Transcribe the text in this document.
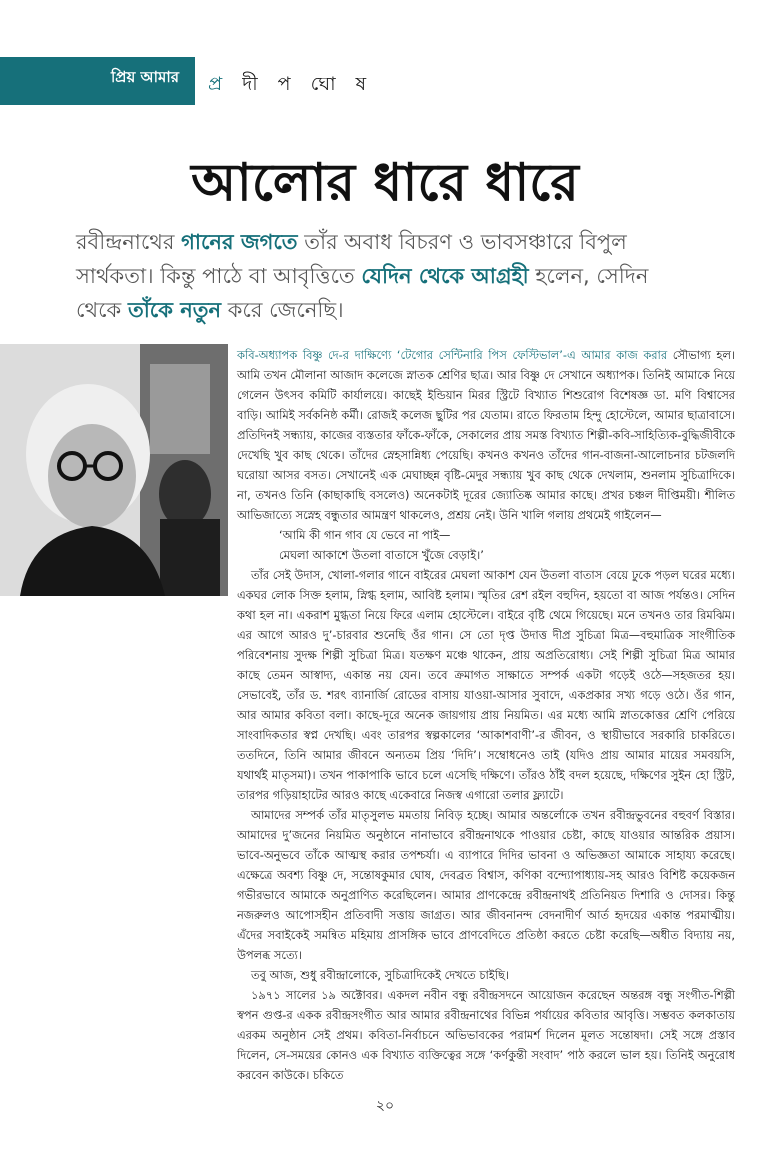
প্রিয় আমার প্র দী প ঘো ষ
আলোর ধারে ধারে

রবীন্দ্রনাথের গানের জগতে তাঁর অবাধ বিচরণ ও ভাবসঞ্চারে বিপুল সার্থকতা। কিন্তু পাঠে বা আবৃত্তিতে যেদিন থেকে আগ্রহী হলেন, সেদিন থেকে তাঁকে নতুন করে জেনেছি।

কবি-অধ্যাপক বিষ্ণু দে-র দাক্ষিণ্যে ‘টেগোর সেন্টিনারি পিস ফেস্টিভাল’-এ আমার কাজ করার সৌভাগ্য হল। আমি তখন মৌলানা আজাদ কলেজে স্নাতক শ্রেণির ছাত্র। আর বিষ্ণু দে সেখানে অধ্যাপক। তিনিই আমাকে নিয়ে গেলেন উৎসব কমিটি কার্যালয়ে। কাছেই ইন্ডিয়ান মিরর স্ট্রিটে বিখ্যাত শিশুরোগ বিশেষজ্ঞ ডা. মণি বিশ্বাসের বাড়ি। আমিই সর্বকনিষ্ঠ কর্মী। রোজই কলেজ ছুটির পর যেতাম। রাতে ফিরতাম হিন্দু হোস্টেলে, আমার ছাত্রাবাসে। প্রতিদিনই সন্ধ্যায়, কাজের ব্যস্ততার ফাঁকে-ফাঁকে, সেকালের প্রায় সমস্ত বিখ্যাত শিল্পী-কবি-সাহিত্যিক-বুদ্ধিজীবীকে দেখেছি খুব কাছ থেকে। তাঁদের স্নেহসান্নিধ্য পেয়েছি। কখনও কখনও তাঁদের গান-বাজনা-আলোচনার চটজলদি ঘরোয়া আসর বসত। সেখানেই এক মেঘাচ্ছন্ন বৃষ্টি-মেদুর সন্ধ্যায় খুব কাছ থেকে দেখলাম, শুনলাম সুচিত্রাদিকে। না, তখনও তিনি (কাছাকাছি বসলেও) অনেকটাই দূরের জ্যোতিষ্ক আমার কাছে। প্রখর চঞ্চল দীপ্তিময়ী। শীলিত আভিজাত্যে সস্নেহ বন্ধুতার আমন্ত্রণ থাকলেও, প্রশ্রয় নেই। উনি খালি গলায় প্রথমেই গাইলেন—

‘আমি কী গান গাব যে ভেবে না পাই—
মেঘলা আকাশে উতলা বাতাসে খুঁজে বেড়াই।’

তাঁর সেই উদাস, খোলা-গলার গানে বাইরের মেঘলা আকাশ যেন উতলা বাতাস বেয়ে ঢুকে পড়ল ঘরের মধ্যে। একঘর লোক সিক্ত হলাম, স্নিগ্ধ হলাম, আবিষ্ট হলাম। স্মৃতির রেশ রইল বহুদিন, হয়তো বা আজ পর্যন্তও। সেদিন কথা হল না। একরাশ মুগ্ধতা নিয়ে ফিরে এলাম হোস্টেলে। বাইরে বৃষ্টি থেমে গিয়েছে। মনে তখনও তার রিমঝিম। এর আগে আরও দু’-চারবার শুনেছি ওঁর গান। সে তো দৃপ্ত উদাত্ত দীপ্র সুচিত্রা মিত্র—বহুমাত্রিক সাংগীতিক পরিবেশনায় সুদক্ষ শিল্পী সুচিত্রা মিত্র। যতক্ষণ মঞ্চে থাকেন, প্রায় অপ্রতিরোধ্য। সেই শিল্পী সুচিত্রা মিত্র আমার কাছে তেমন আস্বাদ্য, একান্ত নয় যেন। তবে ক্রমাগত সাক্ষাতে সম্পর্ক একটা গড়েই ওঠে—সহজতর হয়। সেভাবেই, তাঁর ড. শরৎ ব্যানার্জি রোডের বাসায় যাওয়া-আসার সুবাদে, একপ্রকার সখ্য গড়ে ওঠে। ওঁর গান, আর আমার কবিতা বলা। কাছে-দূরে অনেক জায়গায় প্রায় নিয়মিত। এর মধ্যে আমি স্নাতকোত্তর শ্রেণি পেরিয়ে সাংবাদিকতার স্বপ্ন দেখছি। এবং তারপর স্বল্পকালের ‘আকাশবাণী’-র জীবন, ও স্থায়ীভাবে সরকারি চাকরিতে। ততদিনে, তিনি আমার জীবনে অন্যতম প্রিয় ‘দিদি’। সম্বোধনেও তাই (যদিও প্রায় আমার মায়ের সমবয়সি, যথার্থই মাতৃসমা)। তখন পাকাপাকি ভাবে চলে এসেছি দক্ষিণে। তাঁরও ঠাঁই বদল হয়েছে, দক্ষিণের সুইন হো স্ট্রিট, তারপর গড়িয়াহাটের আরও কাছে একেবারে নিজস্ব এগারো তলার ফ্ল্যাটে।

আমাদের সম্পর্ক তাঁর মাতৃসুলভ মমতায় নিবিড় হচ্ছে। আমার অন্তর্লোকে তখন রবীন্দ্রভুবনের বহুবর্ণ বিস্তার। আমাদের দু’জনের নিয়মিত অনুষ্ঠানে নানাভাবে রবীন্দ্রনাথকে পাওয়ার চেষ্টা, কাছে যাওয়ার আন্তরিক প্রয়াস। ভাবে-অনুভবে তাঁকে আত্মস্থ করার তপশ্চর্যা। এ ব্যাপারে দিদির ভাবনা ও অভিজ্ঞতা আমাকে সাহায্য করেছে। এক্ষেত্রে অবশ্য বিষ্ণু দে, সন্তোষকুমার ঘোষ, দেবব্রত বিশ্বাস, কণিকা বন্দ্যোপাধ্যায়-সহ আরও বিশিষ্ট কয়েকজন গভীরভাবে আমাকে অনুপ্রাণিত করেছিলেন। আমার প্রাণকেন্দ্রে রবীন্দ্রনাথই প্রতিনিয়ত দিশারি ও দোসর। কিন্তু নজরুলও আপোসহীন প্রতিবাদী সত্তায় জাগ্রত। আর জীবনানন্দ বেদনাদীর্ণ আর্ত হৃদয়ের একান্ত পরমাত্মীয়। এঁদের সবাইকেই সমন্বিত মহিমায় প্রাসঙ্গিক ভাবে প্রাণবেদিতে প্রতিষ্ঠা করতে চেষ্টা করেছি—অধীত বিদ্যায় নয়, উপলব্ধ সত্যে।

তবু আজ, শুধু রবীন্দ্রালোকে, সুচিত্রাদিকেই দেখতে চাইছি।

১৯৭১ সালের ১৯ অক্টোবর। একদল নবীন বন্ধু রবীন্দ্রসদনে আয়োজন করেছেন অন্তরঙ্গ বন্ধু সংগীত-শিল্পী স্বপন গুপ্ত-র একক রবীন্দ্রসংগীত আর আমার রবীন্দ্রনাথের বিভিন্ন পর্যায়ের কবিতার আবৃত্তি। সম্ভবত কলকাতায় এরকম অনুষ্ঠান সেই প্রথম। কবিতা-নির্বাচনে অভিভাবকের পরামর্শ দিলেন মূলত সন্তোষদা। সেই সঙ্গে প্রস্তাব দিলেন, সে-সময়ের কোনও এক বিখ্যাত ব্যক্তিত্বের সঙ্গে ‘কর্ণকুন্তী সংবাদ’ পাঠ করলে ভাল হয়। তিনিই অনুরোধ করবেন কাউকে। চকিতে

২০
